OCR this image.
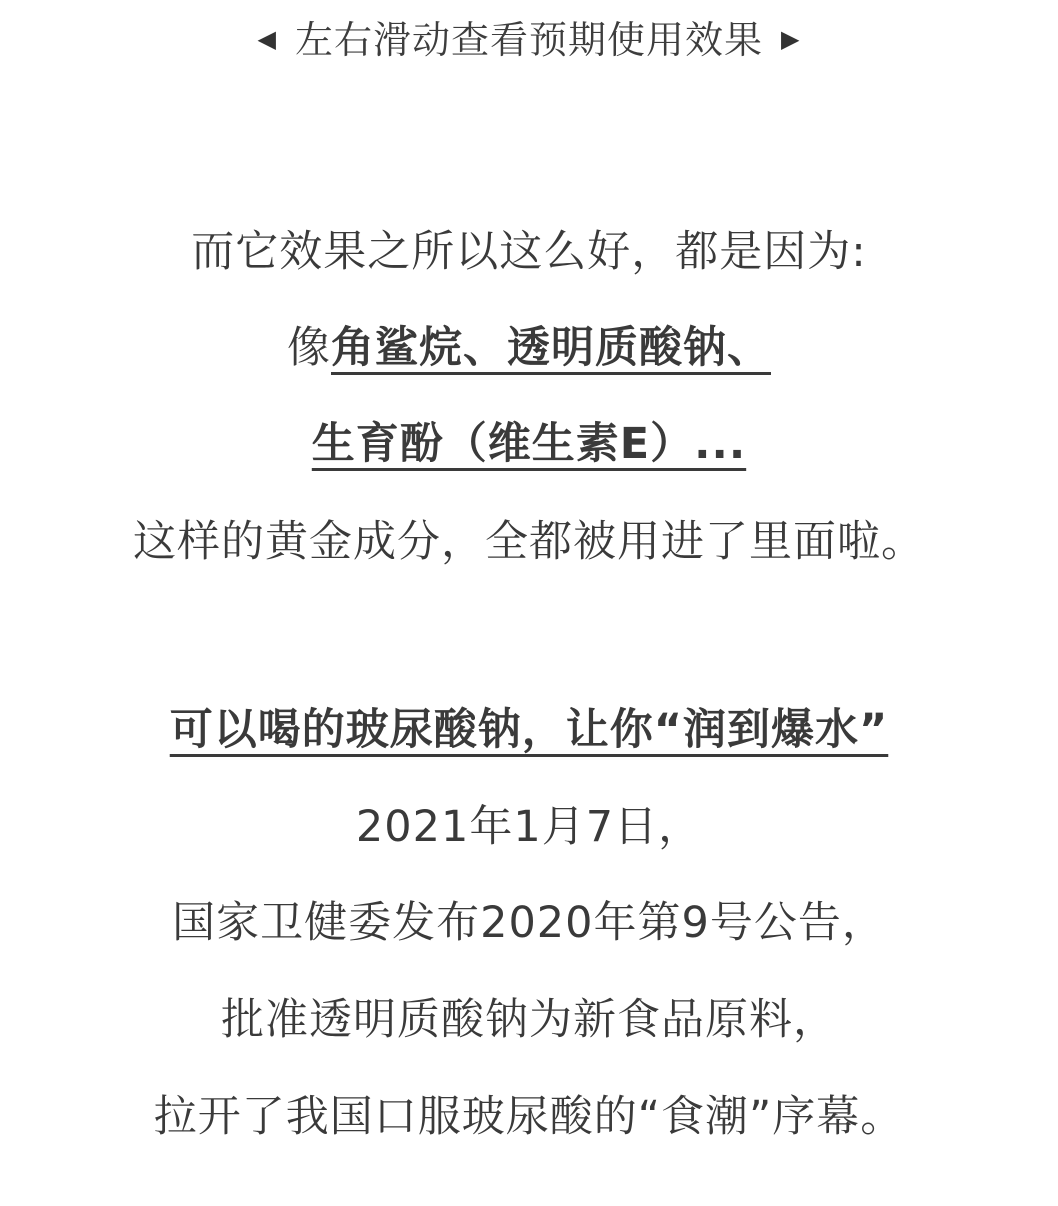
◀ 左右滑动查看预期使用效果 ▶
而它效果之所以这么好，都是因为:
像角鲨烷、透明质酸钠、
生育酚（维生素E）...
这样的黄金成分，全都被用进了里面啦。
可以喝的玻尿酸钠，让你“润到爆水”
2021年1月7日，
国家卫健委发布2020年第9号公告，
批准透明质酸钠为新食品原料，
拉开了我国口服玻尿酸的“食潮”序幕。
